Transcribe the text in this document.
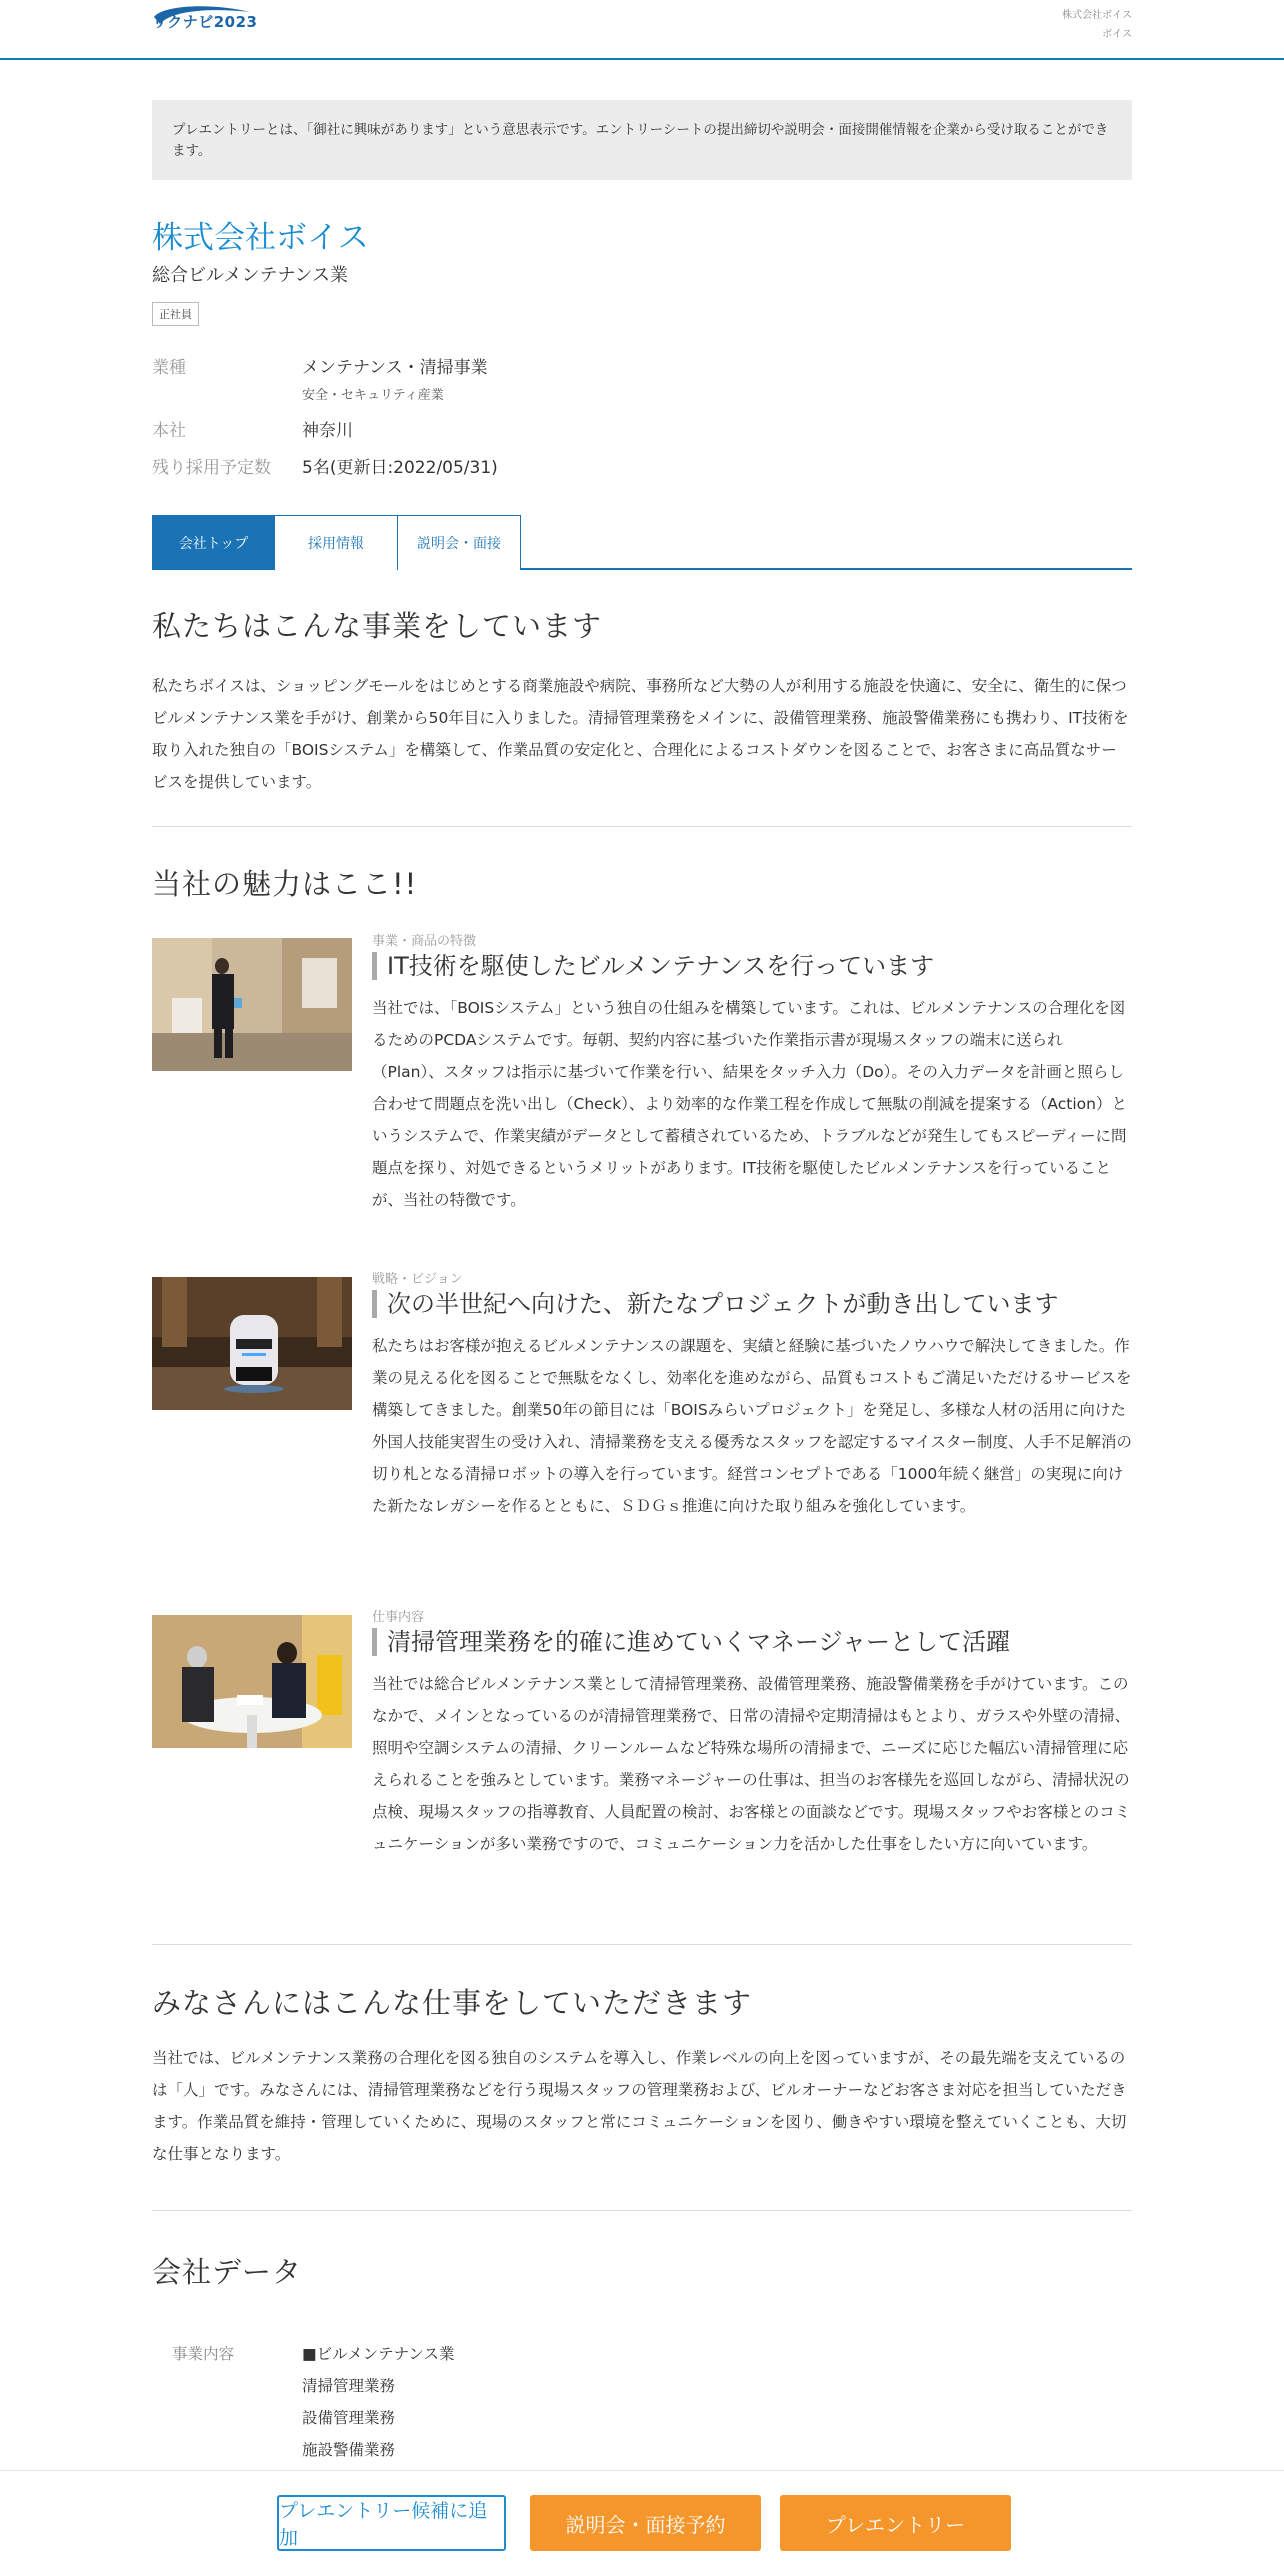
リクナビ2023	株式会社ボイス
ボイス
プレエントリーとは、「御社に興味があります」という意思表示です。エントリーシートの提出締切や説明会・面接開催情報を企業から受け取ることができます。
株式会社ボイス
総合ビルメンテナンス業
正社員
業種	メンテナンス・清掃事業
安全・セキュリティ産業
本社	神奈川
残り採用予定数	5名(更新日:2022/05/31)
会社トップ	採用情報	説明会・面接
私たちはこんな事業をしています
私たちボイスは、ショッピングモールをはじめとする商業施設や病院、事務所など大勢の人が利用する施設を快適に、安全に、衛生的に保つビルメンテナンス業を手がけ、創業から50年目に入りました。清掃管理業務をメインに、設備管理業務、施設警備業務にも携わり、IT技術を取り入れた独自の「BOISシステム」を構築して、作業品質の安定化と、合理化によるコストダウンを図ることで、お客さまに高品質なサービスを提供しています。
当社の魅力はここ!!
事業・商品の特徴
IT技術を駆使したビルメンテナンスを行っています
当社では、「BOISシステム」という独自の仕組みを構築しています。これは、ビルメンテナンスの合理化を図るためのPCDAシステムです。毎朝、契約内容に基づいた作業指示書が現場スタッフの端末に送られ（Plan）、スタッフは指示に基づいて作業を行い、結果をタッチ入力（Do）。その入力データを計画と照らし合わせて問題点を洗い出し（Check）、より効率的な作業工程を作成して無駄の削減を提案する（Action）というシステムで、作業実績がデータとして蓄積されているため、トラブルなどが発生してもスピーディーに問題点を探り、対処できるというメリットがあります。IT技術を駆使したビルメンテナンスを行っていることが、当社の特徴です。
戦略・ビジョン
次の半世紀へ向けた、新たなプロジェクトが動き出しています
私たちはお客様が抱えるビルメンテナンスの課題を、実績と経験に基づいたノウハウで解決してきました。作業の見える化を図ることで無駄をなくし、効率化を進めながら、品質もコストもご満足いただけるサービスを構築してきました。創業50年の節目には「BOISみらいプロジェクト」を発足し、多様な人材の活用に向けた外国人技能実習生の受け入れ、清掃業務を支える優秀なスタッフを認定するマイスター制度、人手不足解消の切り札となる清掃ロボットの導入を行っています。経営コンセプトである「1000年続く継営」の実現に向けた新たなレガシーを作るとともに、ＳＤＧｓ推進に向けた取り組みを強化しています。
仕事内容
清掃管理業務を的確に進めていくマネージャーとして活躍
当社では総合ビルメンテナンス業として清掃管理業務、設備管理業務、施設警備業務を手がけています。このなかで、メインとなっているのが清掃管理業務で、日常の清掃や定期清掃はもとより、ガラスや外壁の清掃、照明や空調システムの清掃、クリーンルームなど特殊な場所の清掃まで、ニーズに応じた幅広い清掃管理に応えられることを強みとしています。業務マネージャーの仕事は、担当のお客様先を巡回しながら、清掃状況の点検、現場スタッフの指導教育、人員配置の検討、お客様との面談などです。現場スタッフやお客様とのコミュニケーションが多い業務ですので、コミュニケーション力を活かした仕事をしたい方に向いています。
みなさんにはこんな仕事をしていただきます
当社では、ビルメンテナンス業務の合理化を図る独自のシステムを導入し、作業レベルの向上を図っていますが、その最先端を支えているのは「人」です。みなさんには、清掃管理業務などを行う現場スタッフの管理業務および、ビルオーナーなどお客さま対応を担当していただきます。作業品質を維持・管理していくために、現場のスタッフと常にコミュニケーションを図り、働きやすい環境を整えていくことも、大切な仕事となります。
会社データ
事業内容	■ビルメンテナンス業
清掃管理業務
設備管理業務
施設警備業務
プレエントリー候補に追加
説明会・面接予約	プレエントリー
